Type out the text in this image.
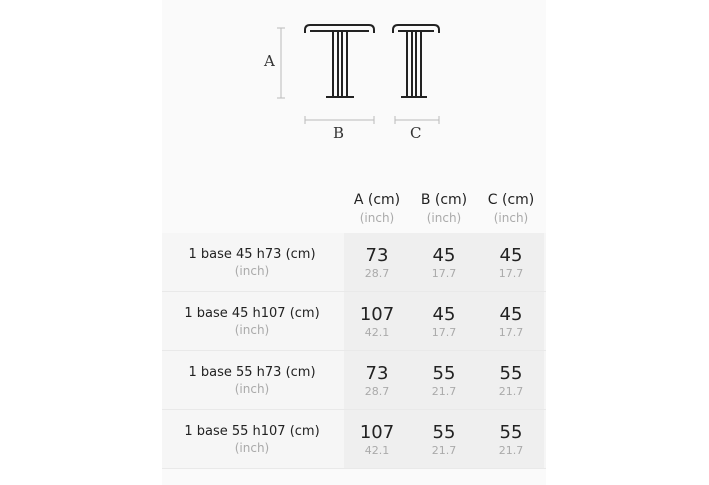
A
B	C
A (cm)
(inch)
B (cm)
(inch)
C (cm)
(inch)
1 base 45 h73 (cm)
(inch)
73
28.7
45
17.7
45
17.7
1 base 45 h107 (cm)
(inch)
107
42.1
45
17.7
45
17.7
1 base 55 h73 (cm)
(inch)
73
28.7
55
21.7
55
21.7
1 base 55 h107 (cm)
(inch)
107
42.1
55
21.7
55
21.7
